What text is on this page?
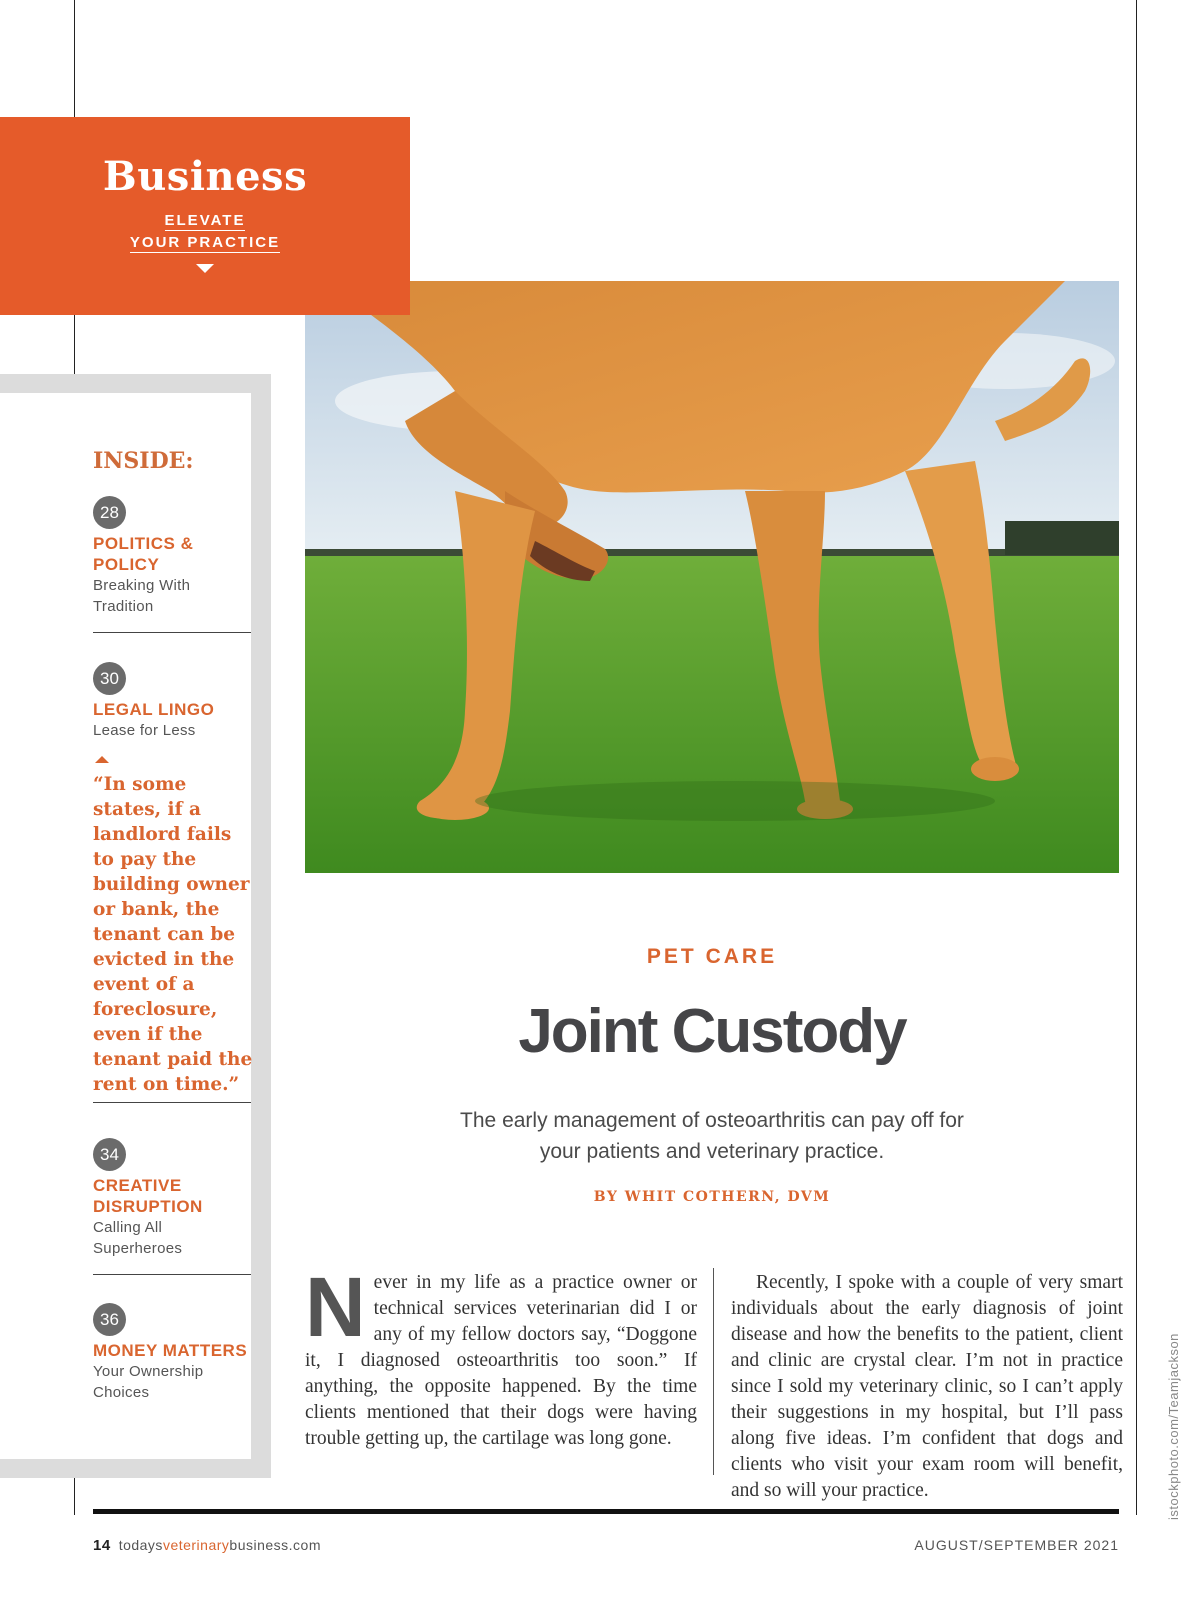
Business
ELEVATE
YOUR PRACTICE
INSIDE:
28
POLITICS & POLICY
Breaking With Tradition
30
LEGAL LINGO
Lease for Less
“In some states, if a landlord fails to pay the building owner or bank, the tenant can be evicted in the event of a foreclosure, even if the tenant paid the rent on time.”
34
CREATIVE DISRUPTION
Calling All Superheroes
36
MONEY MATTERS
Your Ownership Choices
PET CARE
Joint Custody
The early management of osteoarthritis can pay off for your patients and veterinary practice.
BY WHIT COTHERN, DVM
N ever in my life as a practice owner or technical services veterinarian did I or any of my fellow doctors say, “Doggone it, I diagnosed osteoarthritis too soon.” If anything, the opposite happened. By the time clients mentioned that their dogs were having trouble getting up, the cartilage was long gone.
Recently, I spoke with a couple of very smart individuals about the early diagnosis of joint disease and how the benefits to the patient, client and clinic are crystal clear. I’m not in practice since I sold my veterinary clinic, so I can’t apply their suggestions in my hospital, but I’ll pass along five ideas. I’m confident that dogs and clients who visit your exam room will benefit, and so will your practice.	istockphoto.com/Teamjackson
14 todaysveterinarybusiness.com	AUGUST/SEPTEMBER 2021
